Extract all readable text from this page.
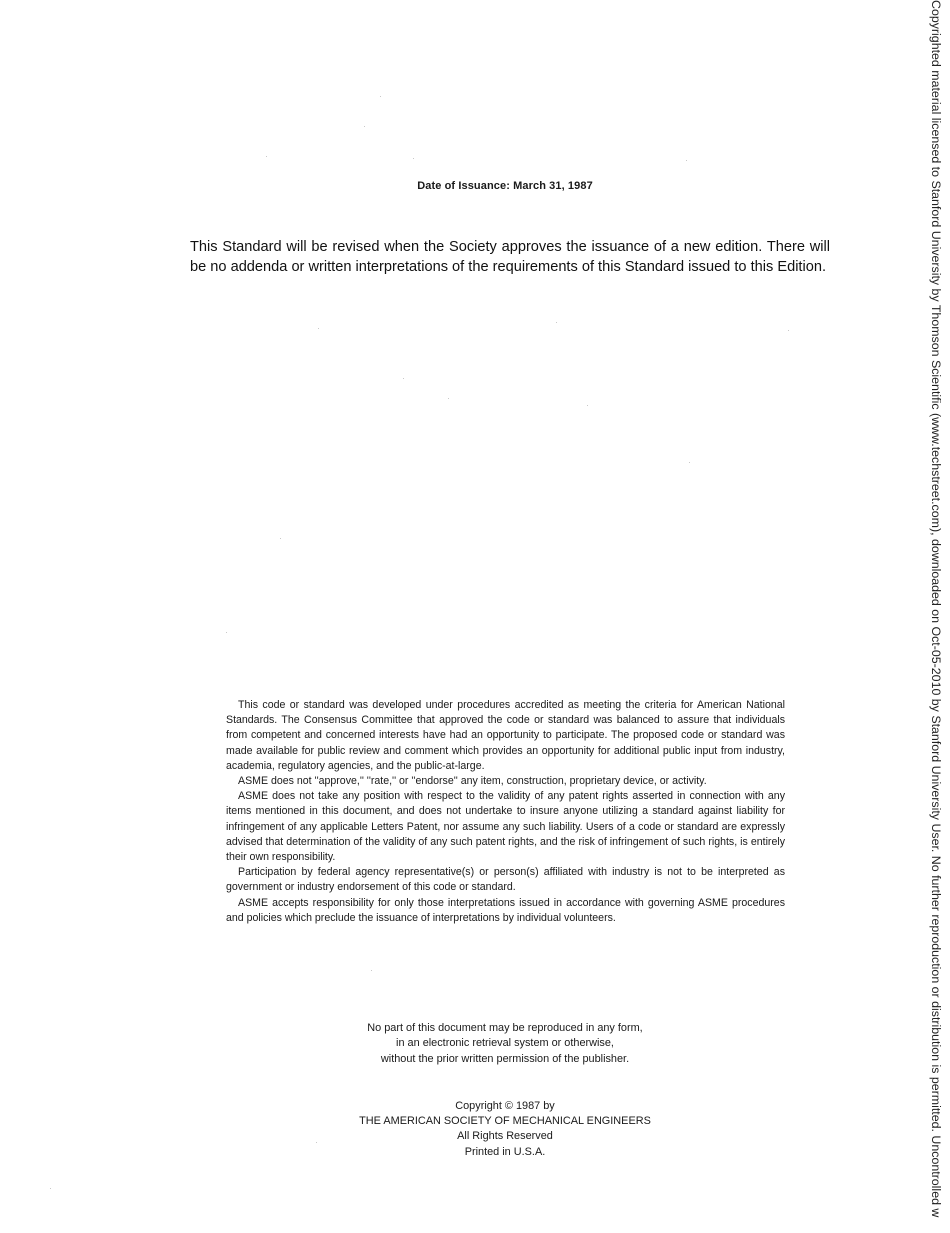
Date of Issuance: March 31, 1987
This Standard will be revised when the Society approves the issuance of a new edition. There will be no addenda or written interpretations of the requirements of this Standard issued to this Edition.

This code or standard was developed under procedures accredited as meeting the criteria for American National Standards. The Consensus Committee that approved the code or standard was balanced to assure that individuals from competent and concerned interests have had an opportunity to participate. The proposed code or standard was made available for public review and comment which provides an opportunity for additional public input from industry, academia, regulatory agencies, and the public-at-large.

ASME does not ''approve,'' ''rate,'' or ''endorse'' any item, construction, proprietary device, or activity.

ASME does not take any position with respect to the validity of any patent rights asserted in connection with any items mentioned in this document, and does not undertake to insure anyone utilizing a standard against liability for infringement of any applicable Letters Patent, nor assume any such liability. Users of a code or standard are expressly advised that determination of the validity of any such patent rights, and the risk of infringement of such rights, is entirely their own responsibility.

Participation by federal agency representative(s) or person(s) affiliated with industry is not to be interpreted as government or industry endorsement of this code or standard.

ASME accepts responsibility for only those interpretations issued in accordance with governing ASME procedures and policies which preclude the issuance of interpretations by individual volunteers.

No part of this document may be reproduced in any form,
in an electronic retrieval system or otherwise,
without the prior written permission of the publisher.
Copyright © 1987 by
THE AMERICAN SOCIETY OF MECHANICAL ENGINEERS
All Rights Reserved
Printed in U.S.A.	Copyrighted material licensed to Stanford University by Thomson Scientific (www.techstreet.com), downloaded on Oct-05-2010 by Stanford University User. No further reproduction or distribution is permitted. Uncontrolled w
